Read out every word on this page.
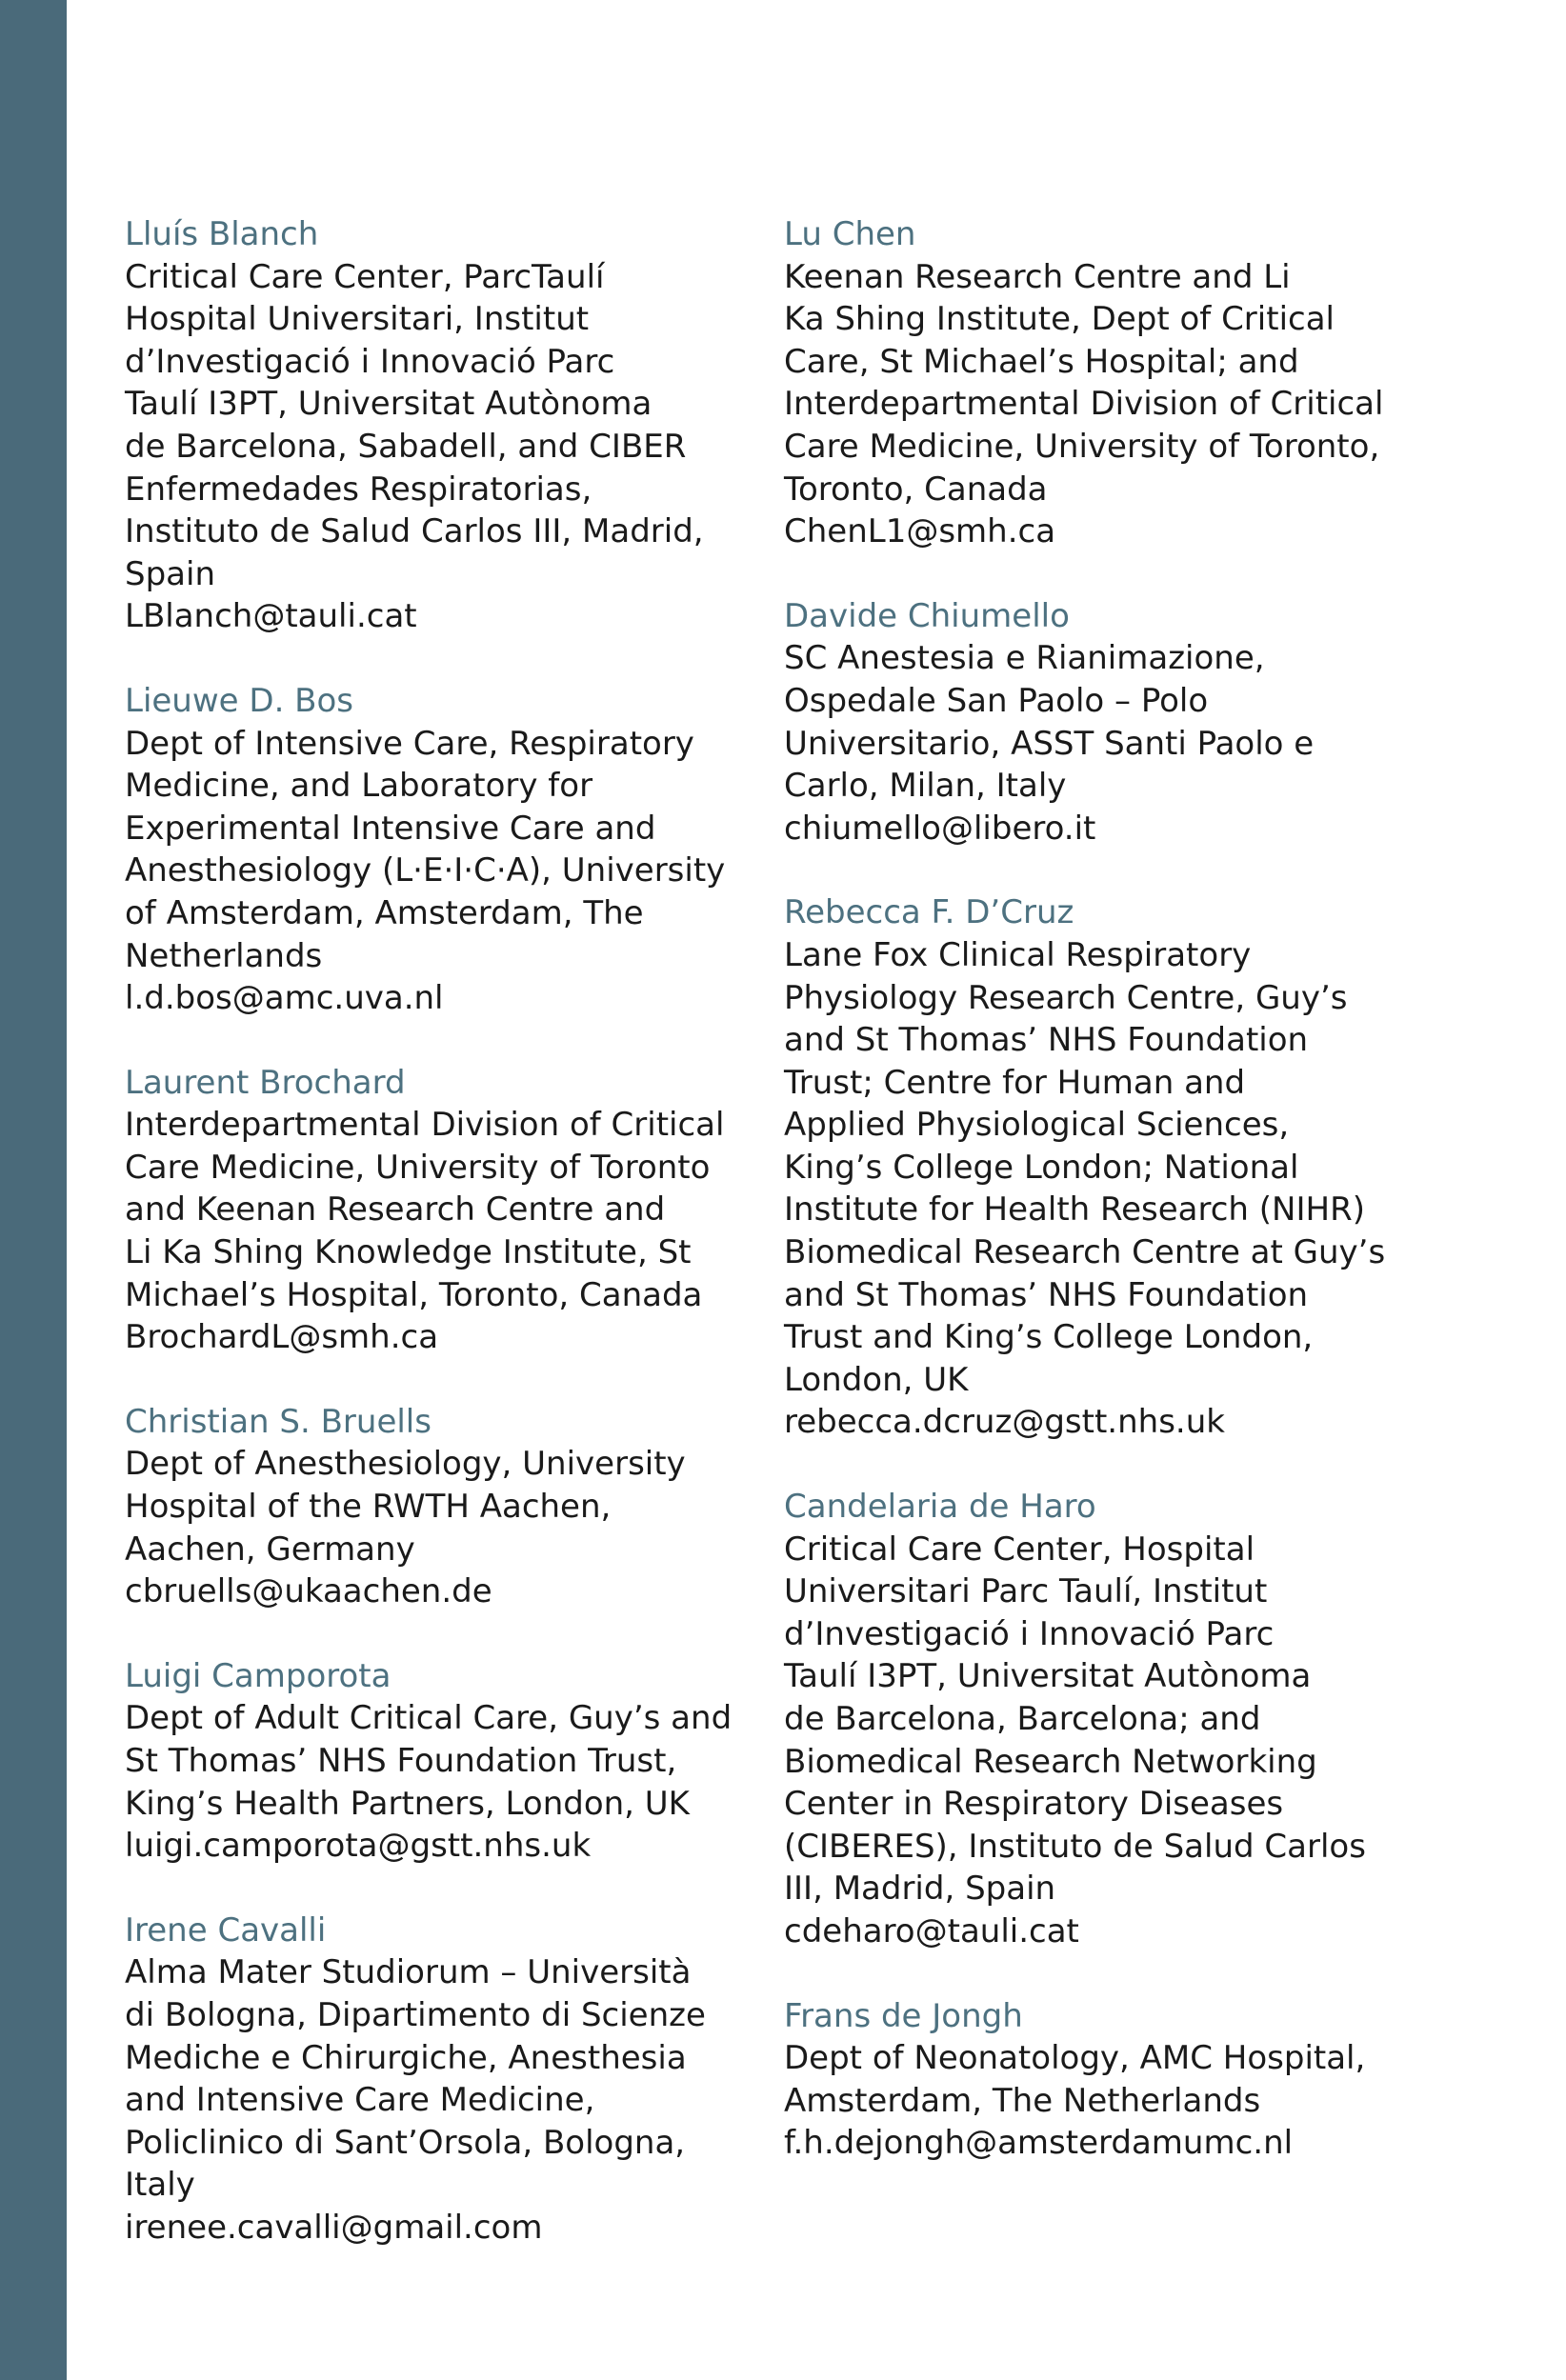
Lluís Blanch
Critical Care Center, ParcTaulí
Hospital Universitari, Institut
d’Investigació i Innovació Parc
Taulí I3PT, Universitat Autònoma
de Barcelona, Sabadell, and CIBER
Enfermedades Respiratorias,
Instituto de Salud Carlos III, Madrid,
Spain
LBlanch@tauli.cat
Lieuwe D. Bos
Dept of Intensive Care, Respiratory
Medicine, and Laboratory for
Experimental Intensive Care and
Anesthesiology (L·E·I·C·A), University
of Amsterdam, Amsterdam, The
Netherlands
l.d.bos@amc.uva.nl
Laurent Brochard
Interdepartmental Division of Critical
Care Medicine, University of Toronto
and Keenan Research Centre and
Li Ka Shing Knowledge Institute, St
Michael’s Hospital, Toronto, Canada
BrochardL@smh.ca
Christian S. Bruells
Dept of Anesthesiology, University
Hospital of the RWTH Aachen,
Aachen, Germany
cbruells@ukaachen.de
Luigi Camporota
Dept of Adult Critical Care, Guy’s and
St Thomas’ NHS Foundation Trust,
King’s Health Partners, London, UK
luigi.camporota@gstt.nhs.uk
Irene Cavalli
Alma Mater Studiorum – Università
di Bologna, Dipartimento di Scienze
Mediche e Chirurgiche, Anesthesia
and Intensive Care Medicine,
Policlinico di Sant’Orsola, Bologna,
Italy
irenee.cavalli@gmail.com
Lu Chen
Keenan Research Centre and Li
Ka Shing Institute, Dept of Critical
Care, St Michael’s Hospital; and
Interdepartmental Division of Critical
Care Medicine, University of Toronto,
Toronto, Canada
ChenL1@smh.ca
Davide Chiumello
SC Anestesia e Rianimazione,
Ospedale San Paolo – Polo
Universitario, ASST Santi Paolo e
Carlo, Milan, Italy
chiumello@libero.it
Rebecca F. D’Cruz
Lane Fox Clinical Respiratory
Physiology Research Centre, Guy’s
and St Thomas’ NHS Foundation
Trust; Centre for Human and
Applied Physiological Sciences,
King’s College London; National
Institute for Health Research (NIHR)
Biomedical Research Centre at Guy’s
and St Thomas’ NHS Foundation
Trust and King’s College London,
London, UK
rebecca.dcruz@gstt.nhs.uk
Candelaria de Haro
Critical Care Center, Hospital
Universitari Parc Taulí, Institut
d’Investigació i Innovació Parc
Taulí I3PT, Universitat Autònoma
de Barcelona, Barcelona; and
Biomedical Research Networking
Center in Respiratory Diseases
(CIBERES), Instituto de Salud Carlos
III, Madrid, Spain
cdeharo@tauli.cat
Frans de Jongh
Dept of Neonatology, AMC Hospital,
Amsterdam, The Netherlands
f.h.dejongh@amsterdamumc.nl
